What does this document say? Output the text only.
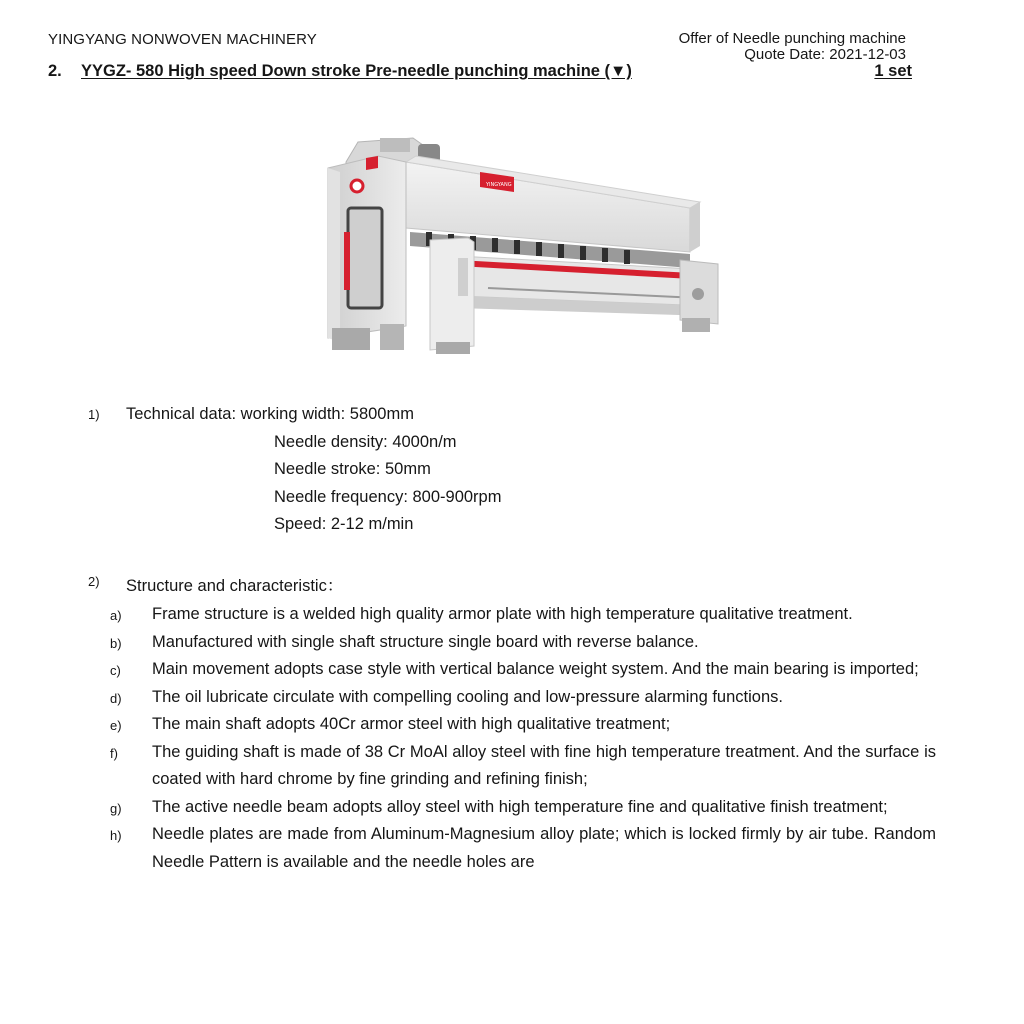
YINGYANG NONWOVEN MACHINERY	Offer of Needle punching machine
Quote Date: 2021-12-03
2. YYGZ- 580 High speed Down stroke Pre-needle punching machine (▼)	1 set
YINGYANG
1) Technical data: working width: 5800mm
Needle density: 4000n/m
Needle stroke: 50mm
Needle frequency: 800-900rpm
Speed: 2-12 m/min
2) Structure and characteristic：
a) Frame structure is a welded high quality armor plate with high temperature qualitative treatment.
b) Manufactured with single shaft structure single board with reverse balance.
c) Main movement adopts case style with vertical balance weight system. And the main bearing is imported;
d) The oil lubricate circulate with compelling cooling and low-pressure alarming functions.
e) The main shaft adopts 40Cr armor steel with high qualitative treatment;
f) The guiding shaft is made of 38 Cr MoAl alloy steel with fine high temperature treatment. And the surface is coated with hard chrome by fine grinding and refining finish;
g) The active needle beam adopts alloy steel with high temperature fine and qualitative finish treatment;
h) Needle plates are made from Aluminum-Magnesium alloy plate; which is locked firmly by air tube. Random Needle Pattern is available and the needle holes are
